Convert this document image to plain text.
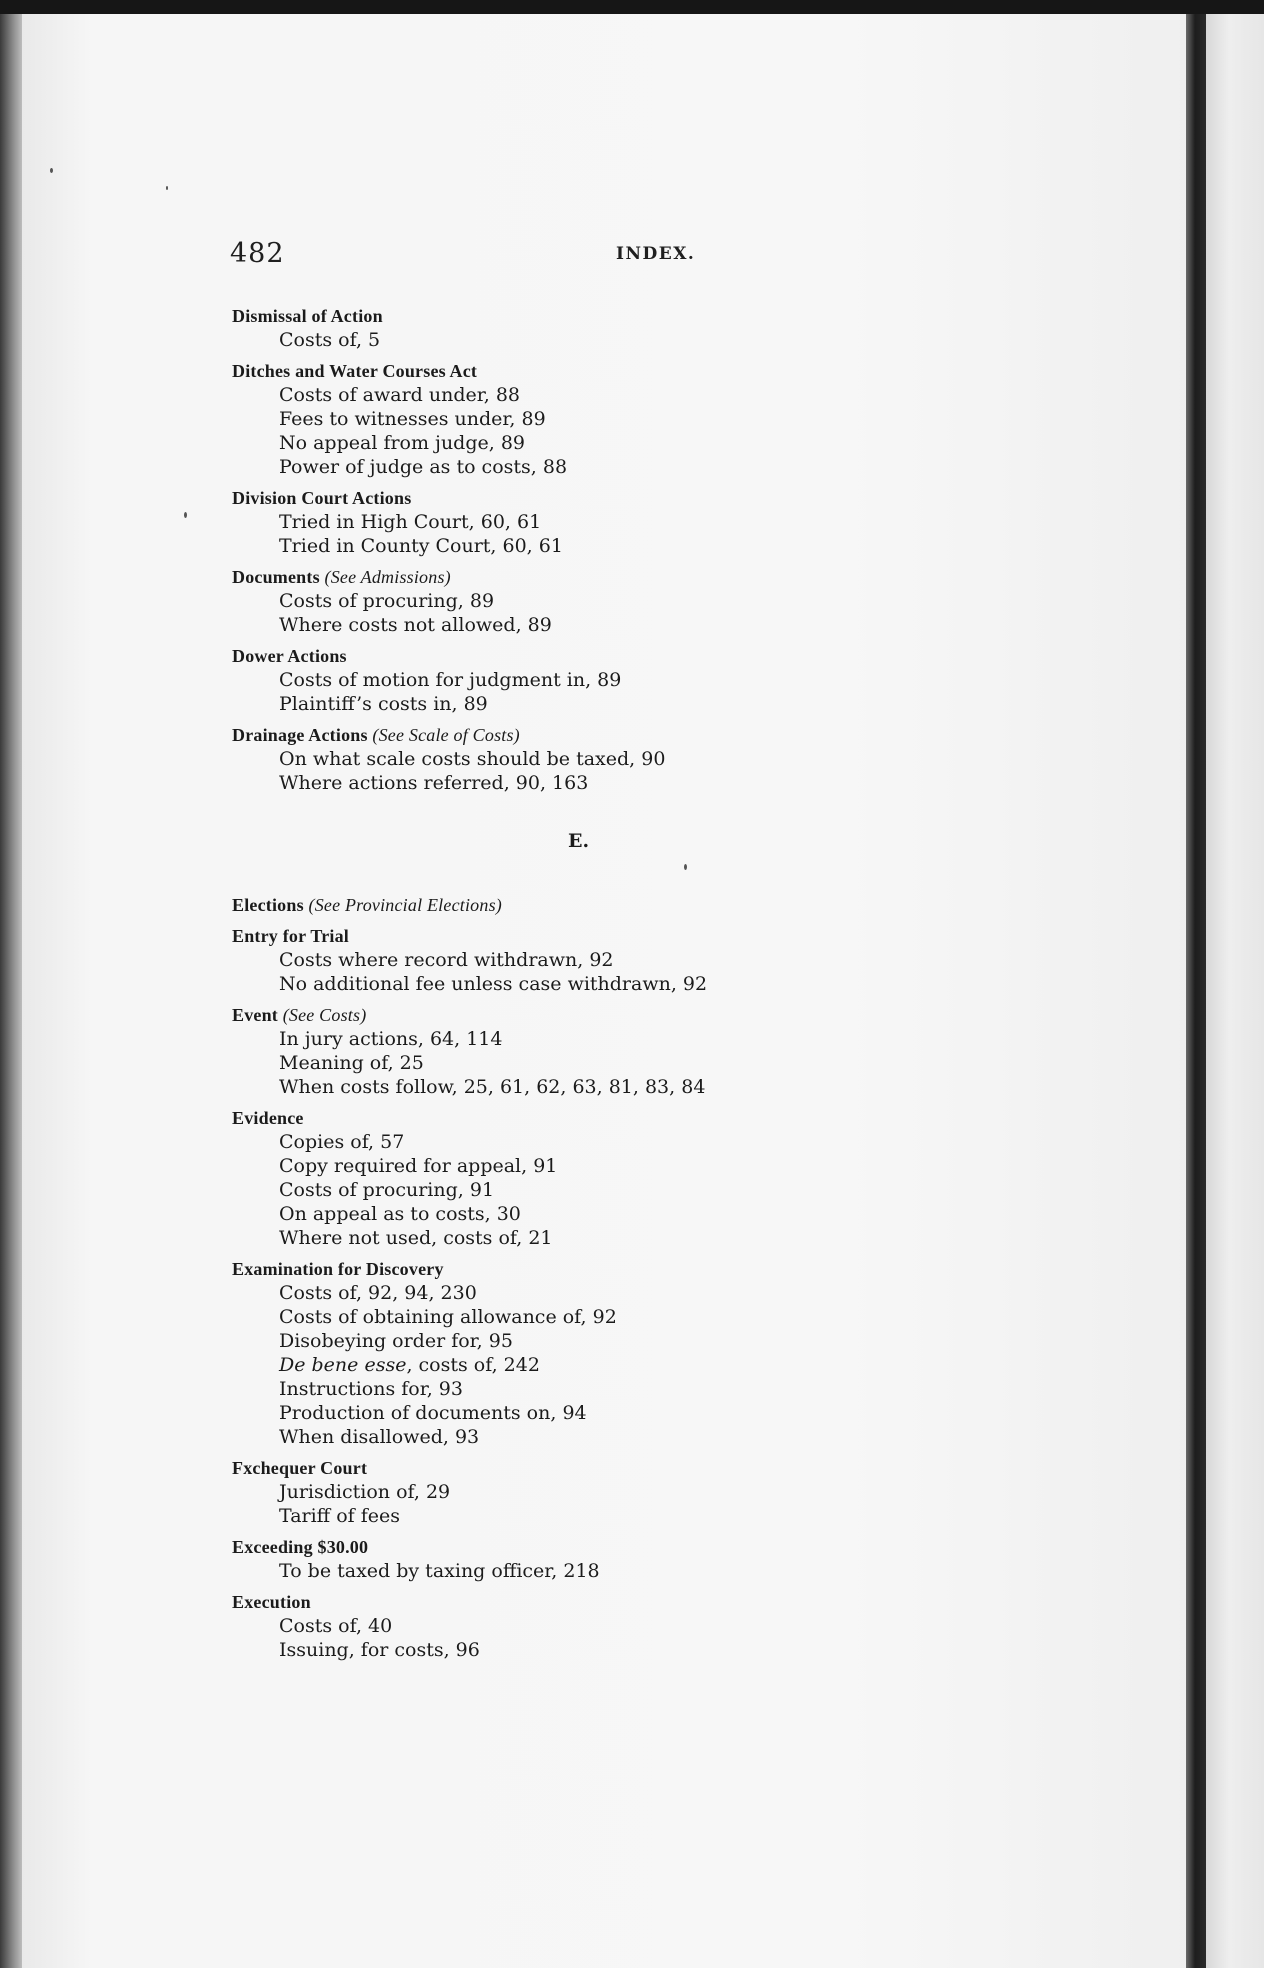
482	INDEX.
Dismissal of Action
Costs of, 5
Ditches and Water Courses Act
Costs of award under, 88
Fees to witnesses under, 89
No appeal from judge, 89
Power of judge as to costs, 88
Division Court Actions
Tried in High Court, 60, 61
Tried in County Court, 60, 61
Documents (See Admissions)
Costs of procuring, 89
Where costs not allowed, 89
Dower Actions
Costs of motion for judgment in, 89
Plaintiff’s costs in, 89
Drainage Actions (See Scale of Costs)
On what scale costs should be taxed, 90
Where actions referred, 90, 163
E.
Elections (See Provincial Elections)
Entry for Trial
Costs where record withdrawn, 92
No additional fee unless case withdrawn, 92
Event (See Costs)
In jury actions, 64, 114
Meaning of, 25
When costs follow, 25, 61, 62, 63, 81, 83, 84
Evidence
Copies of, 57
Copy required for appeal, 91
Costs of procuring, 91
On appeal as to costs, 30
Where not used, costs of, 21
Examination for Discovery
Costs of, 92, 94, 230
Costs of obtaining allowance of, 92
Disobeying order for, 95
De bene esse, costs of, 242
Instructions for, 93
Production of documents on, 94
When disallowed, 93
Fxchequer Court
Jurisdiction of, 29
Tariff of fees
Exceeding $30.00
To be taxed by taxing officer, 218
Execution
Costs of, 40
Issuing, for costs, 96
